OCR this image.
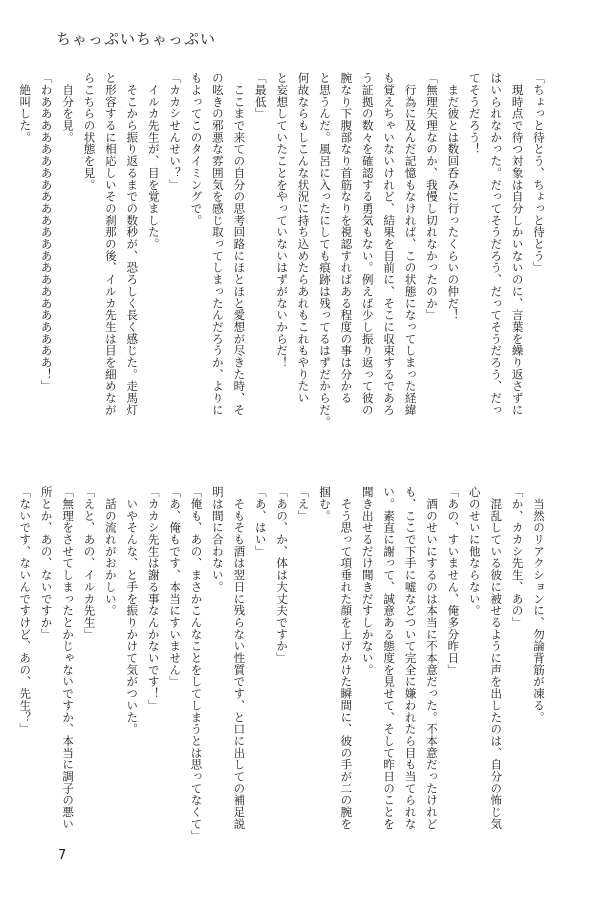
ちゃっぷいちゃっぷい
「ちょっと待とう、ちょっと待とう」
　現時点で待つ対象は自分しかいないのに、言葉を繰り返さずに
はいられなかった。だってそうだろう、だってそうだろう、だっ
てそうだろう！
　まだ彼とは数回呑みに行ったくらいの仲だ！
「無理矢理なのか、我慢し切れなかったのか」
　行為に及んだ記憶もなければ、この状態になってしまった経緯
も覚えちゃいないけれど、結果を目前に、そこに収束するであろ
う証拠の数々を確認する勇気もない。例えば少し振り返って彼の
腕なり下腹部なり首筋なりを視認すればある程度の事は分かる
と思うんだ。風呂に入ったにしても痕跡は残ってるはずだからだ。
何故ならもしこんな状況に持ち込めたらあれもこれもやりたい
と妄想していたことをやっていないはずがないからだ！
「最低」
　ここまで来ての自分の思考回路にほとほと愛想が尽きた時、そ
の呟きの邪悪な雰囲気を感じ取ってしまったんだろうか、よりに
もよってこのタイミングで。
「カカシせんせい？」
　イルカ先生が、目を覚ました。
　そこから振り返るまでの数秒が、恐ろしく長く感じた。走馬灯
と形容するに相応しいその刹那の後、イルカ先生は目を細めなが
らこちらの状態を見。
　自分を見。
「わあああああああああああああああああああああああ！」
　絶叫した。
　当然のリアクションに、勿論背筋が凍る。
「か、カカシ先生、あの」
　混乱している彼に被せるように声を出したのは、自分の怖じ気
心のせいに他ならない。
「あの、すいません、俺多分昨日」
　酒のせいにするのは本当に不本意だった。不本意だったけれど
も、ここで下手に嘘などついて完全に嫌われたら目も当てられな
い。素直に謝って、誠意ある態度を見せて、そして昨日のことを
聞き出せるだけ聞きだすしかない。
　そう思って項垂れた顔を上げかけた瞬間に、彼の手が二の腕を
掴む。
「え」
「あの、か、体は大丈夫ですか」
「あ、はい」
　そもそも酒は翌日に残らない性質です、と口に出しての補足説
明は間に合わない。
「俺も、あの、まさかこんなことをしてしまうとは思ってなくて」
「あ、俺もです、本当にすいません」
「カカシ先生は謝る事なんかないです！」
　いやそんな、と手を振りかけて気がついた。
　話の流れがおかしい。
「えと、あの、イルカ先生」
「無理をさせてしまったとかじゃないですか、本当に調子の悪い
所とか、あの、ないですか」
「ないです、ないんですけど、あの、先生？」
7
